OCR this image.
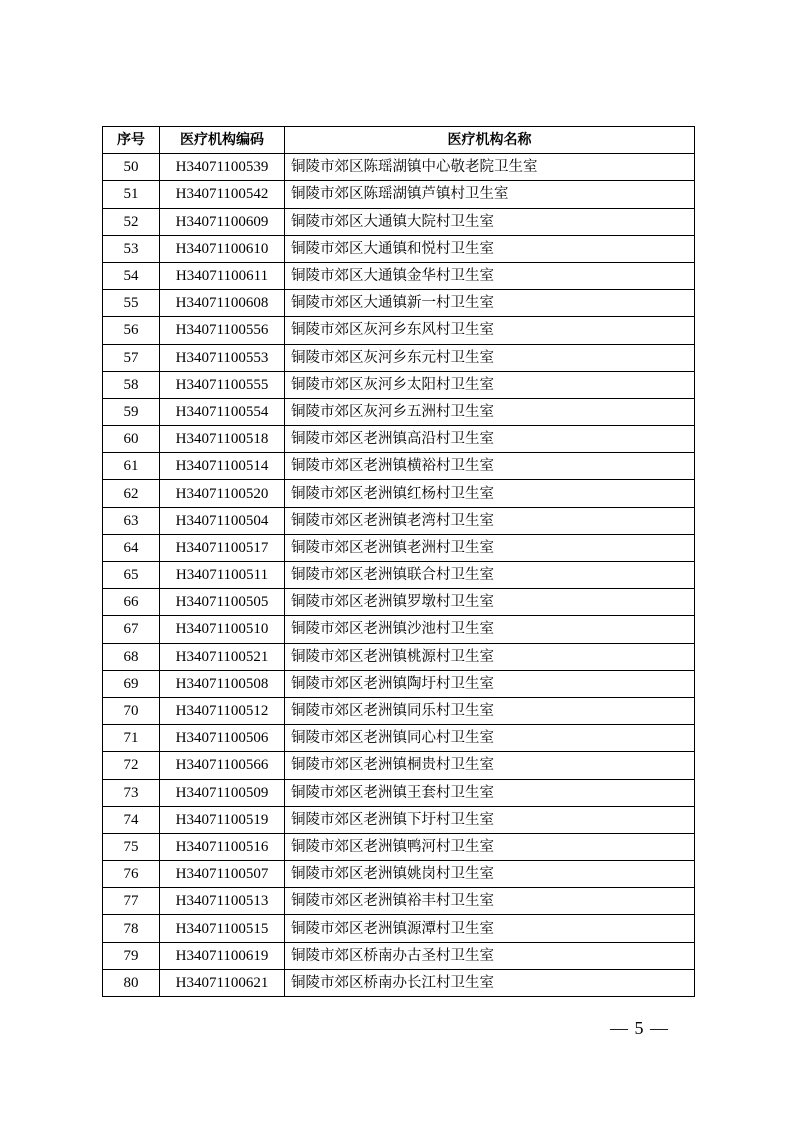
序号	医疗机构编码	医疗机构名称
50	H34071100539	铜陵市郊区陈瑶湖镇中心敬老院卫生室
51	H34071100542	铜陵市郊区陈瑶湖镇芦镇村卫生室
52	H34071100609	铜陵市郊区大通镇大院村卫生室
53	H34071100610	铜陵市郊区大通镇和悦村卫生室
54	H34071100611	铜陵市郊区大通镇金华村卫生室
55	H34071100608	铜陵市郊区大通镇新一村卫生室
56	H34071100556	铜陵市郊区灰河乡东风村卫生室
57	H34071100553	铜陵市郊区灰河乡东元村卫生室
58	H34071100555	铜陵市郊区灰河乡太阳村卫生室
59	H34071100554	铜陵市郊区灰河乡五洲村卫生室
60	H34071100518	铜陵市郊区老洲镇高沿村卫生室
61	H34071100514	铜陵市郊区老洲镇横裕村卫生室
62	H34071100520	铜陵市郊区老洲镇红杨村卫生室
63	H34071100504	铜陵市郊区老洲镇老湾村卫生室
64	H34071100517	铜陵市郊区老洲镇老洲村卫生室
65	H34071100511	铜陵市郊区老洲镇联合村卫生室
66	H34071100505	铜陵市郊区老洲镇罗墩村卫生室
67	H34071100510	铜陵市郊区老洲镇沙池村卫生室
68	H34071100521	铜陵市郊区老洲镇桃源村卫生室
69	H34071100508	铜陵市郊区老洲镇陶圩村卫生室
70	H34071100512	铜陵市郊区老洲镇同乐村卫生室
71	H34071100506	铜陵市郊区老洲镇同心村卫生室
72	H34071100566	铜陵市郊区老洲镇桐贵村卫生室
73	H34071100509	铜陵市郊区老洲镇王套村卫生室
74	H34071100519	铜陵市郊区老洲镇下圩村卫生室
75	H34071100516	铜陵市郊区老洲镇鸭河村卫生室
76	H34071100507	铜陵市郊区老洲镇姚岗村卫生室
77	H34071100513	铜陵市郊区老洲镇裕丰村卫生室
78	H34071100515	铜陵市郊区老洲镇源潭村卫生室
79	H34071100619	铜陵市郊区桥南办古圣村卫生室
80	H34071100621	铜陵市郊区桥南办长江村卫生室
— 5 —
